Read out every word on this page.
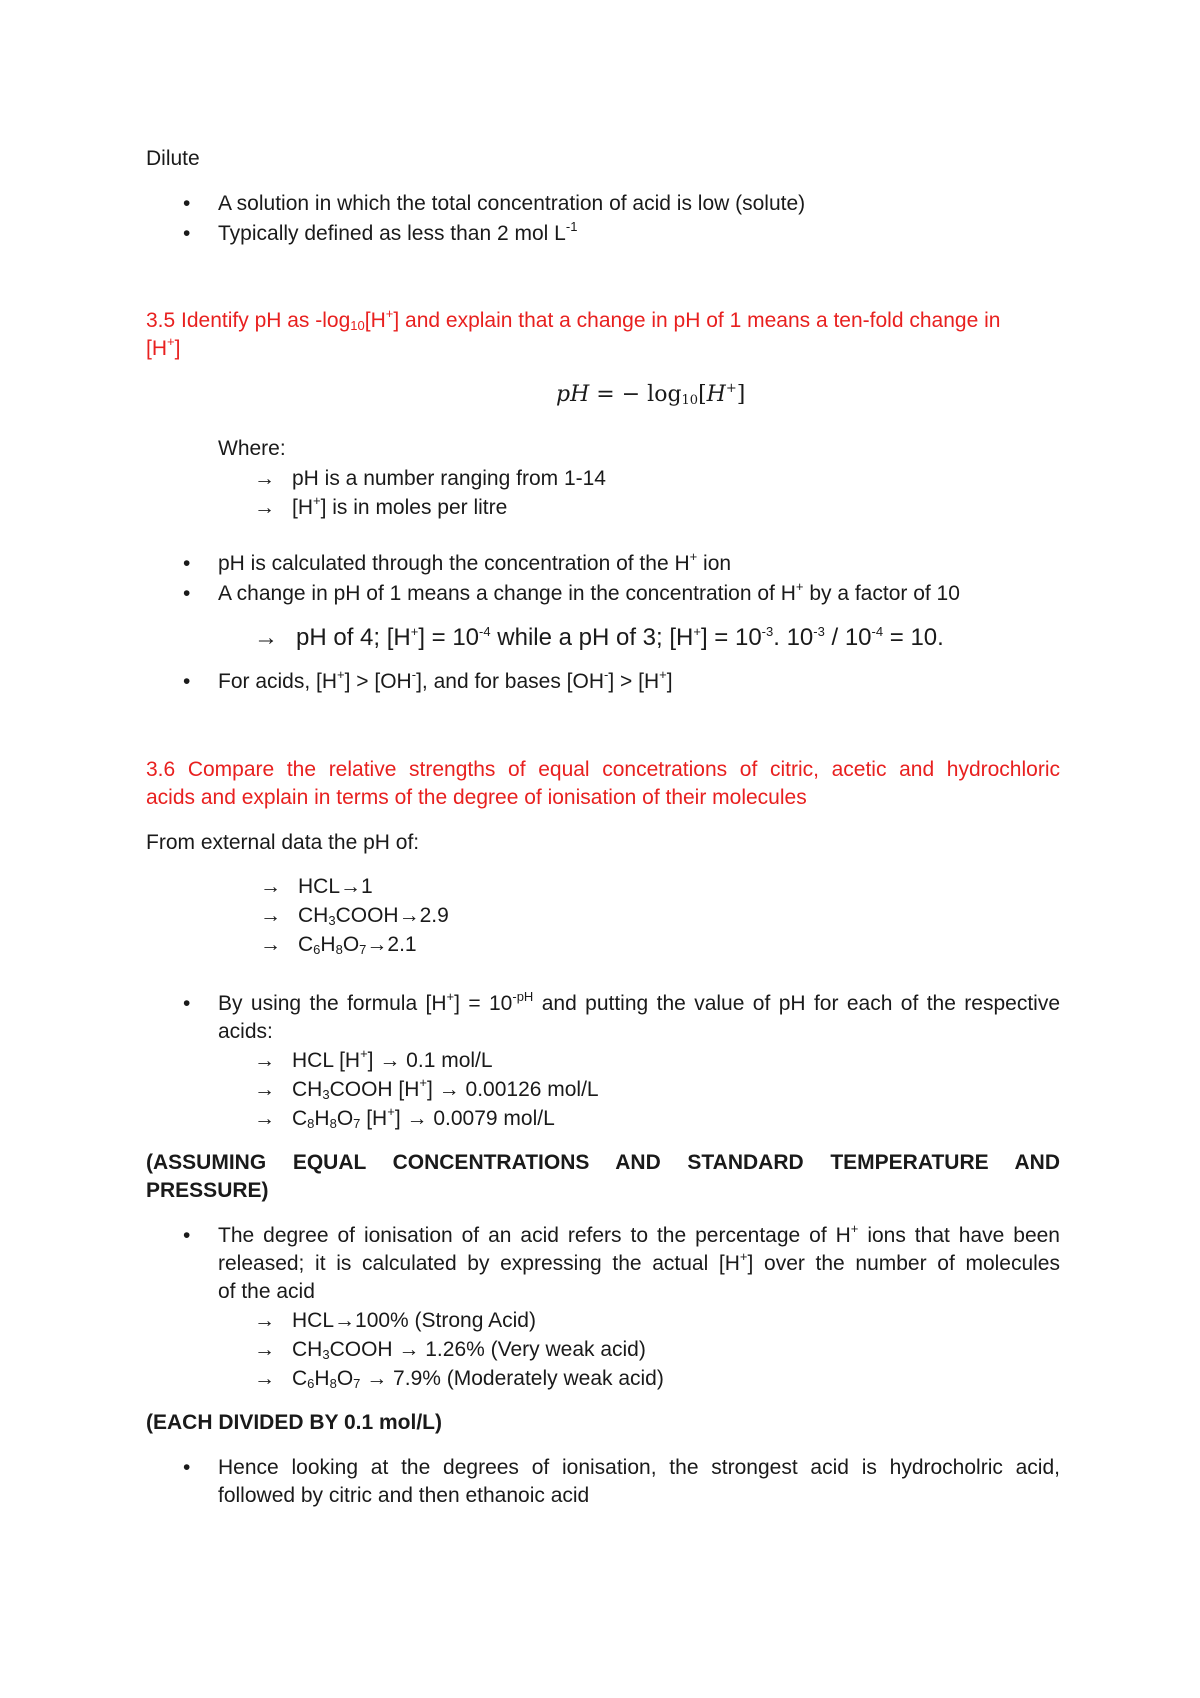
Dilute
• A solution in which the total concentration of acid is low (solute)
• Typically defined as less than 2 mol $L^{-1}$
3.5 Identify pH as $-\log_{10}[H^+]$ and explain that a change in pH of 1 means a ten-fold change in
[H+]
pH = − $\log_{10}[H^+]$
Where:
→ pH is a number ranging from 1-14
→ [H+] is in moles per litre
• pH is calculated through the concentration of the H+ ion
• A change in pH of 1 means a change in the concentration of H+ by a factor of 10
→ pH of 4; $[H^+] = 10^{-4}$ while a pH of 3; $[H^+] = 10^{-3}$. $10^{-3} / 10^{-4} = 10$.
• For acids, [H+] > [OH-], and for bases [OH-] > [H+]
3.6 Compare the relative strengths of equal concetrations of citric, acetic and hydrochloric
acids and explain in terms of the degree of ionisation of their molecules
From external data the pH of:
→ HCL→1
→ $CH_3COOH\to 2.9$
→ $C_6H_8O_7\to 2.1$
• By using the formula $[H^+] = 10^{-pH}$ and putting the value of pH for each of the respective
acids:
→ HCL [H+] → 0.1 mol/L
→ $CH_3COOH$ [H+] → 0.00126 mol/L
→ $C_8H_8O_7$ [H+] → 0.0079 mol/L
(ASSUMING EQUAL CONCENTRATIONS AND STANDARD TEMPERATURE AND
PRESSURE)
• The degree of ionisation of an acid refers to the percentage of H+ ions that have been
released; it is calculated by expressing the actual [H+] over the number of molecules
of the acid
→ HCL→100% (Strong Acid)
→ $CH_3COOH \to 1.26\%$ (Very weak acid)
→ $C_6H_8O_7 \to 7.9\%$ (Moderately weak acid)
(EACH DIVIDED BY 0.1 mol/L)
• Hence looking at the degrees of ionisation, the strongest acid is hydrocholric acid,
followed by citric and then ethanoic acid
